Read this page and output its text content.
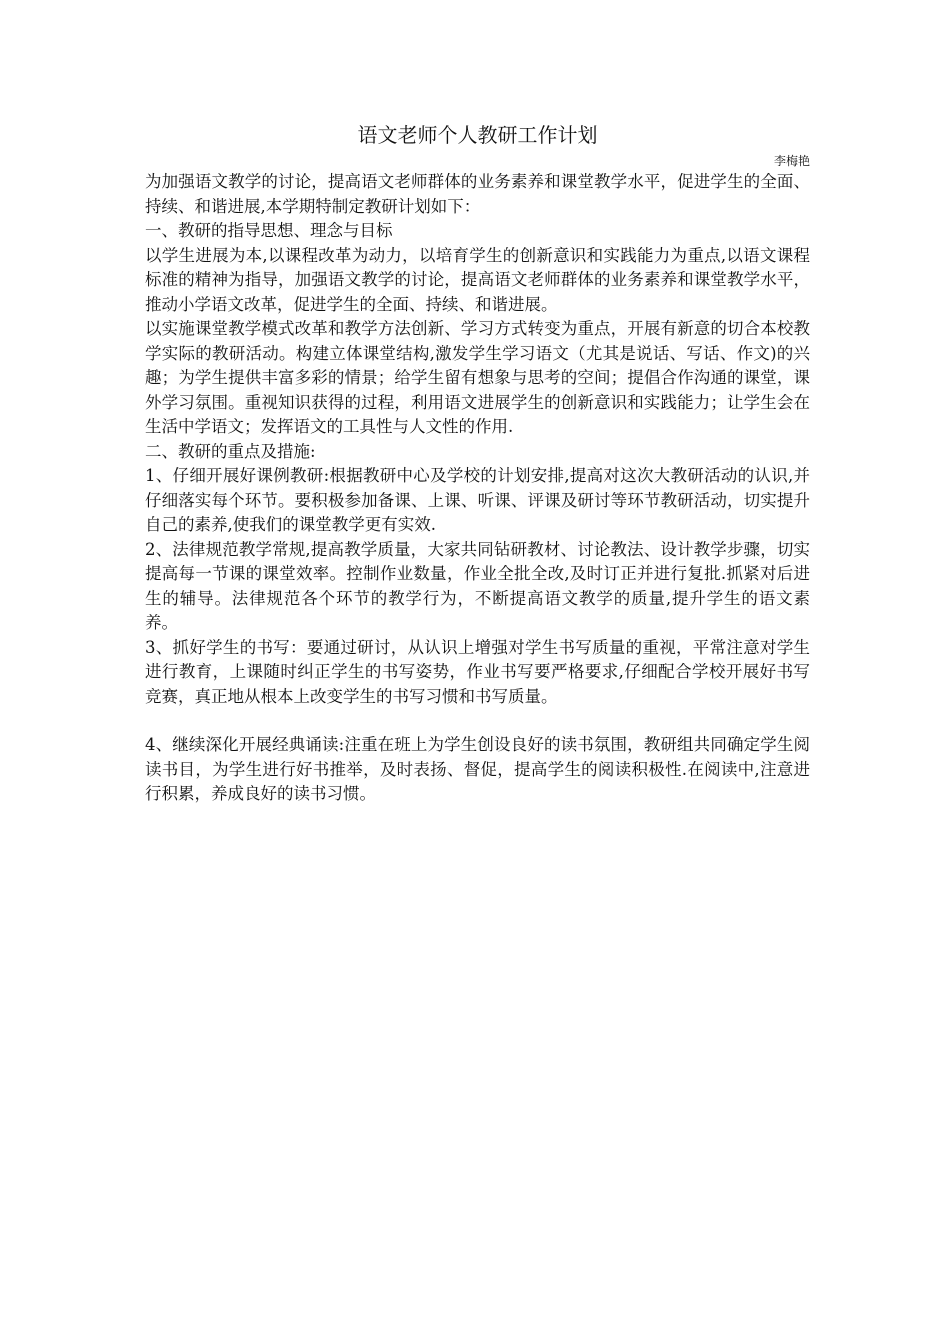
语文老师个人教研工作计划

李梅艳

为加强语文教学的讨论，提高语文老师群体的业务素养和课堂教学水平，促进学生的全面、持续、和谐进展,本学期特制定教研计划如下：

一、教研的指导思想、理念与目标

以学生进展为本,以课程改革为动力，以培育学生的创新意识和实践能力为重点,以语文课程标准的精神为指导，加强语文教学的讨论，提高语文老师群体的业务素养和课堂教学水平，推动小学语文改革，促进学生的全面、持续、和谐进展。

以实施课堂教学模式改革和教学方法创新、学习方式转变为重点，开展有新意的切合本校教学实际的教研活动。构建立体课堂结构,激发学生学习语文（尤其是说话、写话、作文)的兴趣；为学生提供丰富多彩的情景；给学生留有想象与思考的空间；提倡合作沟通的课堂，课外学习氛围。重视知识获得的过程，利用语文进展学生的创新意识和实践能力；让学生会在生活中学语文；发挥语文的工具性与人文性的作用.

二、教研的重点及措施:

1、仔细开展好课例教研:根据教研中心及学校的计划安排,提高对这次大教研活动的认识,并仔细落实每个环节。要积极参加备课、上课、听课、评课及研讨等环节教研活动，切实提升自己的素养,使我们的课堂教学更有实效.

2、法律规范教学常规,提高教学质量，大家共同钻研教材、讨论教法、设计教学步骤，切实提高每一节课的课堂效率。控制作业数量，作业全批全改,及时订正并进行复批.抓紧对后进生的辅导。法律规范各个环节的教学行为，不断提高语文教学的质量,提升学生的语文素养。

3、抓好学生的书写：要通过研讨，从认识上增强对学生书写质量的重视，平常注意对学生进行教育，上课随时纠正学生的书写姿势，作业书写要严格要求,仔细配合学校开展好书写竞赛，真正地从根本上改变学生的书写习惯和书写质量。

4、继续深化开展经典诵读:注重在班上为学生创设良好的读书氛围，教研组共同确定学生阅读书目，为学生进行好书推举，及时表扬、督促，提高学生的阅读积极性.在阅读中,注意进行积累，养成良好的读书习惯。
